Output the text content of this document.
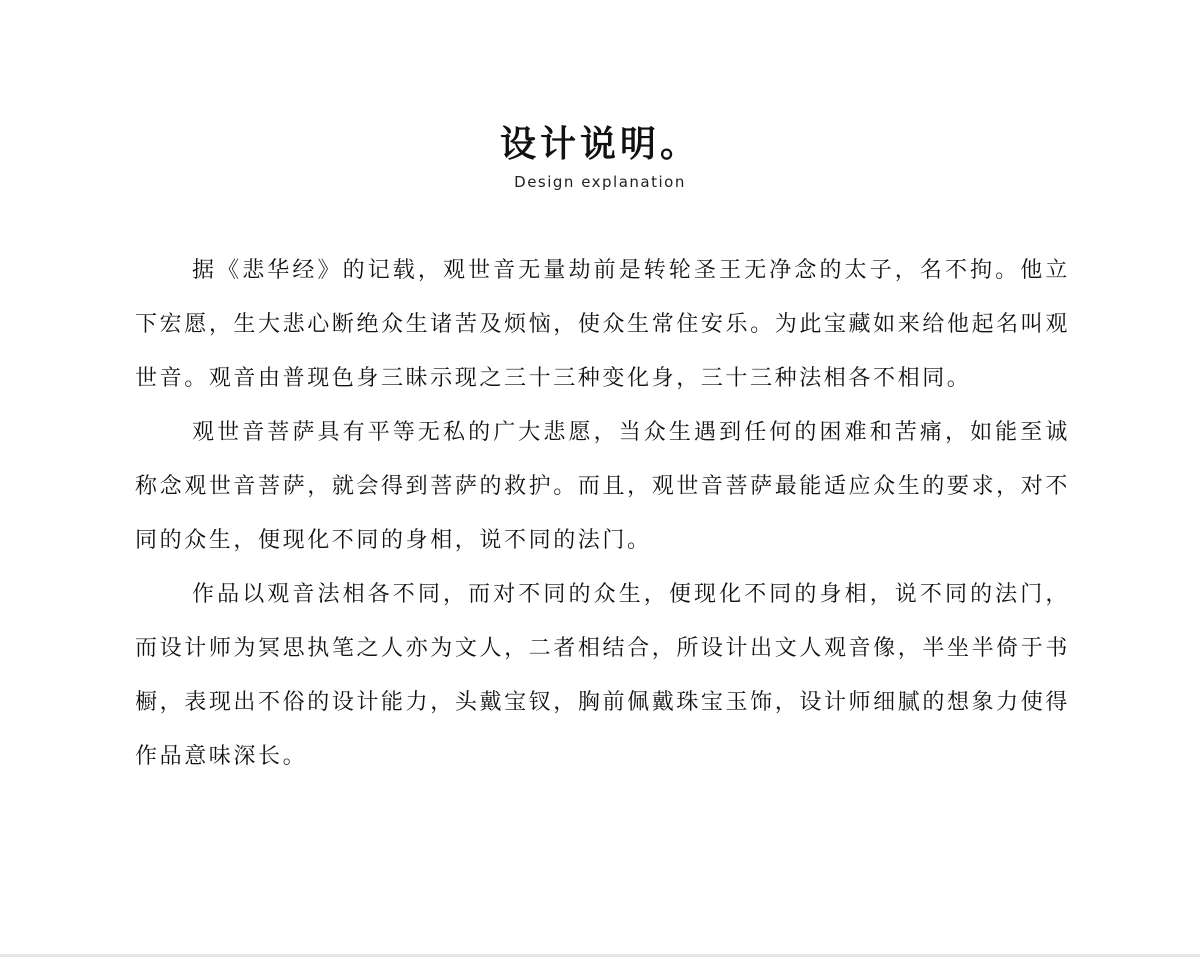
设计说明。
Design explanation

据《悲华经》的记载，观世音无量劫前是转轮圣王无净念的太子，名不拘。他立下宏愿，生大悲心断绝众生诸苦及烦恼，使众生常住安乐。为此宝藏如来给他起名叫观世音。观音由普现色身三昧示现之三十三种变化身，三十三种法相各不相同。

观世音菩萨具有平等无私的广大悲愿，当众生遇到任何的困难和苦痛，如能至诚称念观世音菩萨，就会得到菩萨的救护。而且，观世音菩萨最能适应众生的要求，对不同的众生，便现化不同的身相，说不同的法门。

作品以观音法相各不同，而对不同的众生，便现化不同的身相，说不同的法门，而设计师为冥思执笔之人亦为文人，二者相结合，所设计出文人观音像，半坐半倚于书橱，表现出不俗的设计能力，头戴宝钗，胸前佩戴珠宝玉饰，设计师细腻的想象力使得作品意味深长。
